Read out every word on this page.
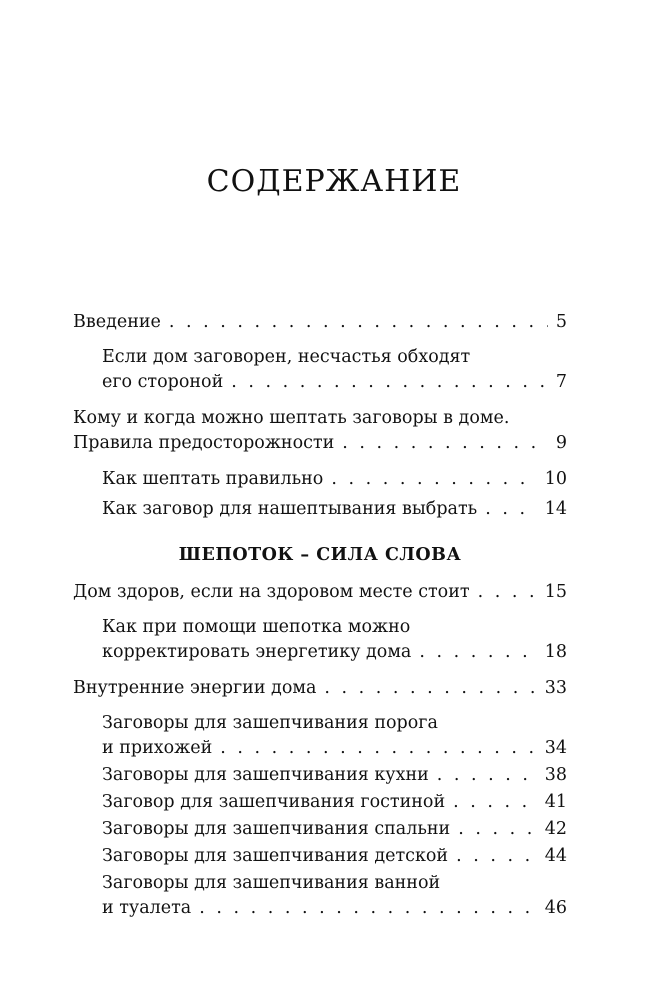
СОДЕРЖАНИЕ
Введение . . .	5
Если дом заговорен, несчастья обходят
его стороной . . .	7
Кому и когда можно шептать заговоры в доме.
Правила предосторожности . . .	9
Как шептать правильно . . .	10
Как заговор для нашептывания выбрать . . .	14
ШЕПОТОК – СИЛА СЛОВА
Дом здоров, если на здоровом месте стоит . . .	15
Как при помощи шепотка можно
корректировать энергетику дома . . .	18
Внутренние энергии дома . . .	33
Заговоры для зашепчивания порога
и прихожей . . .	34
Заговоры для зашепчивания кухни . . .	38
Заговор для зашепчивания гостиной . . .	41
Заговоры для зашепчивания спальни . . .	42
Заговоры для зашепчивания детской . . .	44
Заговоры для зашепчивания ванной
и туалета . . .	46
